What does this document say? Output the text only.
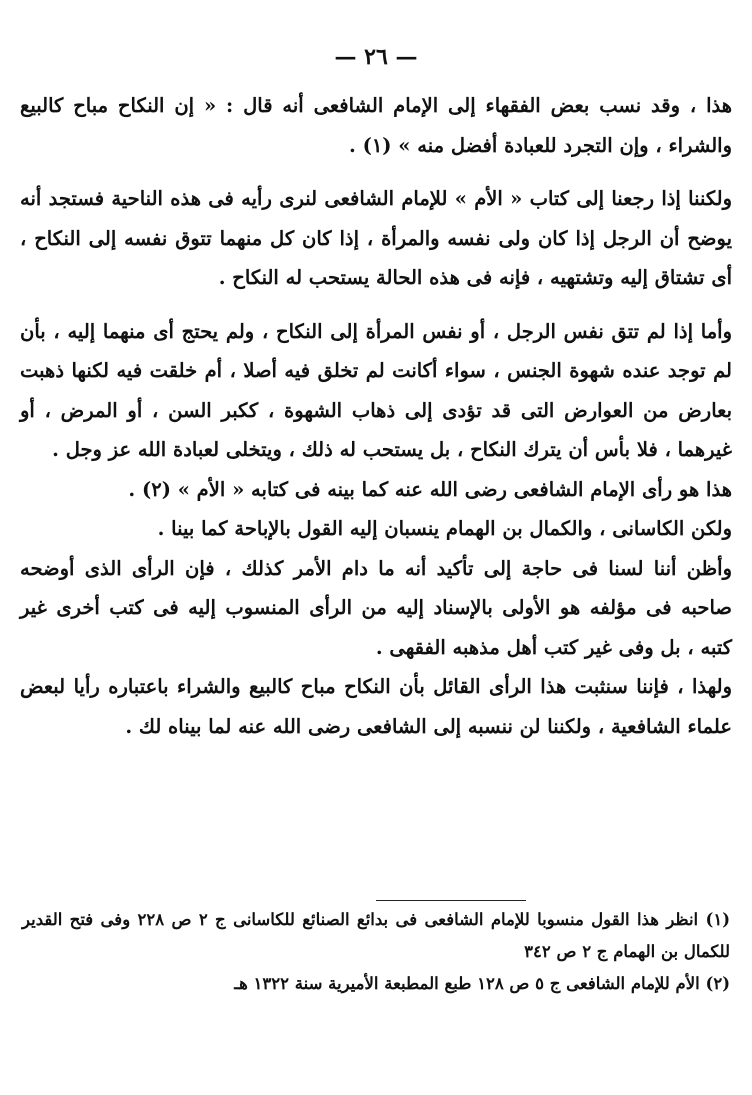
— ٢٦ —

هذا ، وقد نسب بعض الفقهاء إلى الإمام الشافعى أنه قال : « إن النكاح مباح كالبيع والشراء ، وإن التجرد للعبادة أفضل منه » (١) .

ولكننا إذا رجعنا إلى كتاب « الأم » للإمام الشافعى لنرى رأيه فى هذه الناحية فستجد أنه يوضح أن الرجل إذا كان ولى نفسه والمرأة ، إذا كان كل منهما تتوق نفسه إلى النكاح ، أى تشتاق إليه وتشتهيه ، فإنه فى هذه الحالة يستحب له النكاح .

وأما إذا لم تتق نفس الرجل ، أو نفس المرأة إلى النكاح ، ولم يحتج أى منهما إليه ، بأن لم توجد عنده شهوة الجنس ، سواء أكانت لم تخلق فيه أصلا ، أم خلقت فيه لكنها ذهبت بعارض من العوارض التى قد تؤدى إلى ذهاب الشهوة ، ككبر السن ، أو المرض ، أو غيرهما ، فلا بأس أن يترك النكاح ، بل يستحب له ذلك ، ويتخلى لعبادة الله عز وجل .

هذا هو رأى الإمام الشافعى رضى الله عنه كما بينه فى كتابه « الأم » (٢) .

ولكن الكاسانى ، والكمال بن الهمام ينسبان إليه القول بالإباحة كما بينا .

وأظن أننا لسنا فى حاجة إلى تأكيد أنه ما دام الأمر كذلك ، فإن الرأى الذى أوضحه صاحبه فى مؤلفه هو الأولى بالإسناد إليه من الرأى المنسوب إليه فى كتب أخرى غير كتبه ، بل وفى غير كتب أهل مذهبه الفقهى .

ولهذا ، فإننا سنثبت هذا الرأى القائل بأن النكاح مباح كالبيع والشراء باعتباره رأيا لبعض علماء الشافعية ، ولكننا لن ننسبه إلى الشافعى رضى الله عنه لما بيناه لك .

(١) انظر هذا القول منسوبا للإمام الشافعى فى بدائع الصنائع للكاسانى ج ٢ ص ٢٢٨ وفى فتح القدير للكمال بن الهمام ج ٢ ص ٣٤٢

(٢) الأم للإمام الشافعى ج ٥ ص ١٢٨ طبع المطبعة الأميرية سنة ١٣٢٢ هـ
